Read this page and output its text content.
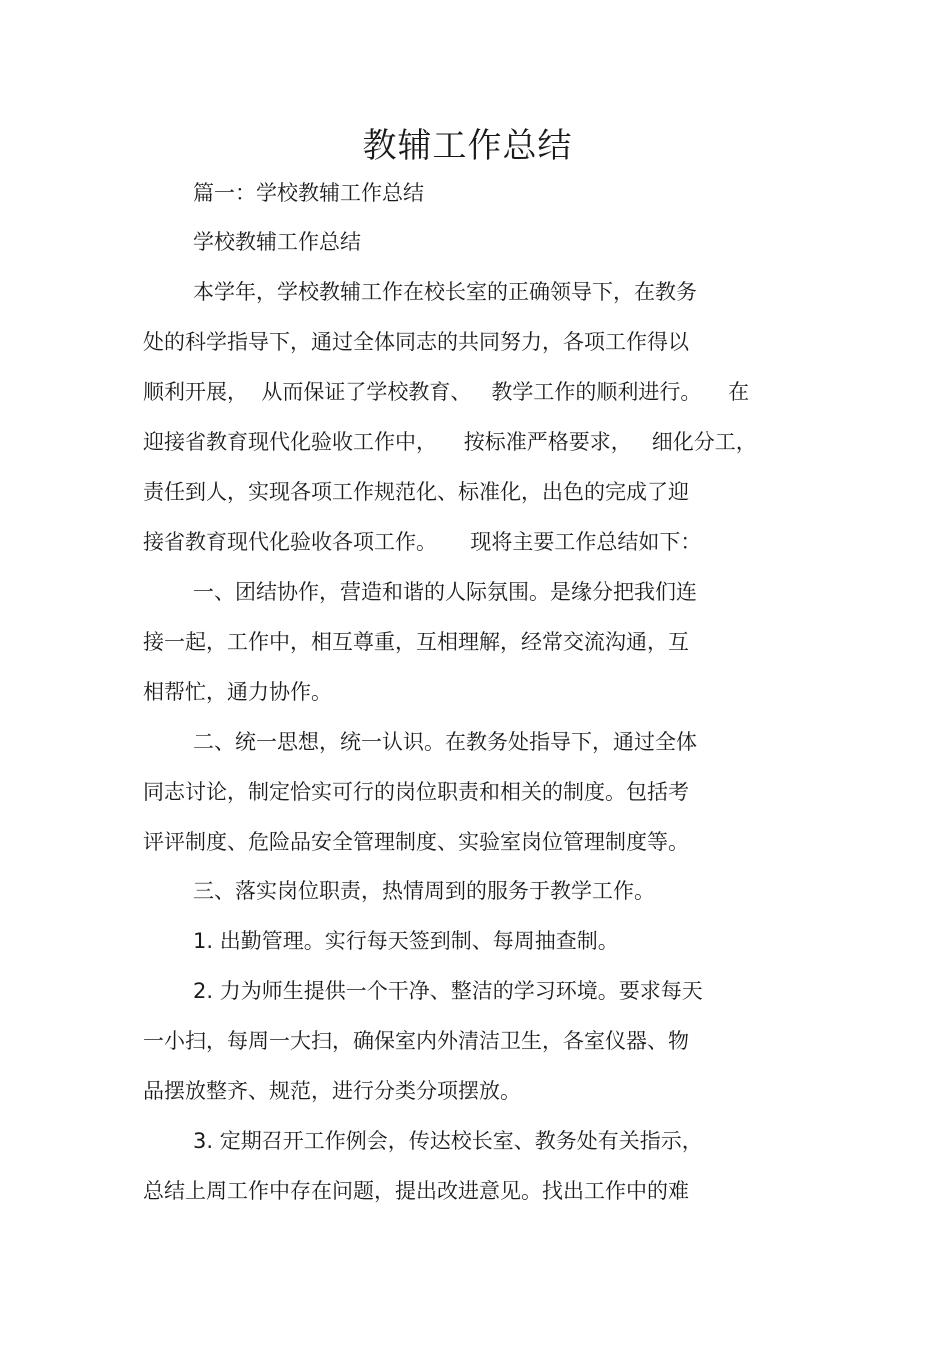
教辅工作总结
篇一：学校教辅工作总结
学校教辅工作总结
本学年，学校教辅工作在校长室的正确领导下，在教务
处的科学指导下，通过全体同志的共同努力，各项工作得以
顺利开展，  从而保证了学校教育、   教学工作的顺利进行。    在
迎接省教育现代化验收工作中，    按标准严格要求，   细化分工，
责任到人，实现各项工作规范化、标准化，出色的完成了迎
接省教育现代化验收各项工作。     现将主要工作总结如下：
一、团结协作，营造和谐的人际氛围。是缘分把我们连
接一起，工作中，相互尊重，互相理解，经常交流沟通，互
相帮忙，通力协作。
二、统一思想，统一认识。在教务处指导下，通过全体
同志讨论，制定恰实可行的岗位职责和相关的制度。包括考
评评制度、危险品安全管理制度、实验室岗位管理制度等。
三、落实岗位职责，热情周到的服务于教学工作。
1. 出勤管理。实行每天签到制、每周抽查制。
2. 力为师生提供一个干净、整洁的学习环境。要求每天
一小扫，每周一大扫，确保室内外清洁卫生，各室仪器、物
品摆放整齐、规范，进行分类分项摆放。
3. 定期召开工作例会，传达校长室、教务处有关指示，
总结上周工作中存在问题，提出改进意见。找出工作中的难
